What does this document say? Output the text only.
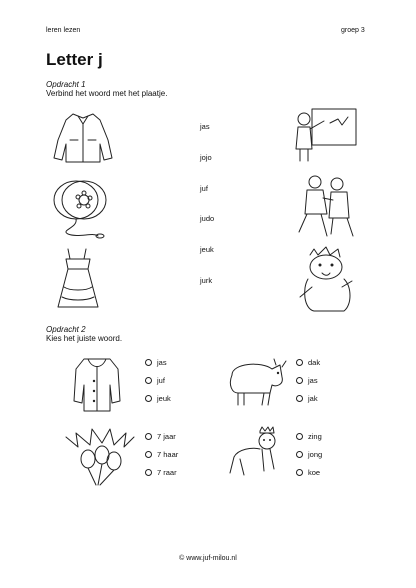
leren lezen	groep 3
Letter j
Opdracht 1
Verbind het woord met het plaatje.
jas
jojo
juf
judo
jeuk
jurk
Opdracht 2
Kies het juiste woord.
jas
juf
jeuk
dak
jas
jak
7 jaar
7 haar
7 raar
zing
jong
koe
© www.juf-milou.nl
